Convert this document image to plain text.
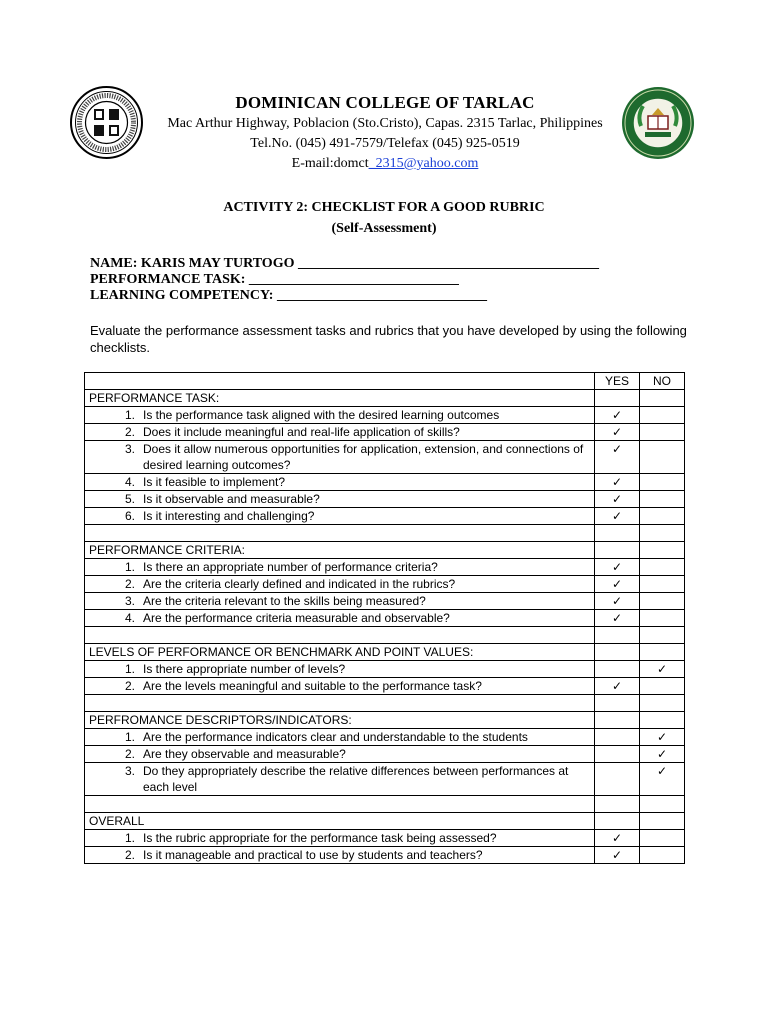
DOMINICAN COLLEGE OF TARLAC
Mac Arthur Highway, Poblacion (Sto.Cristo), Capas. 2315 Tarlac, Philippines
Tel.No. (045) 491-7579/Telefax (045) 925-0519
E-mail:domct_2315@yahoo.com
ACTIVITY 2: CHECKLIST FOR A GOOD RUBRIC
(Self-Assessment)
NAME: KARIS MAY TURTOGO ___________________________________________
PERFORMANCE TASK: ______________________________
LEARNING COMPETENCY: ______________________________
Evaluate the performance assessment tasks and rubrics that you have developed by using the following checklists.
	YES	NO
PERFORMANCE TASK:		

1. Is the performance task aligned with the desired learning outcomes	✓	

2. Does it include meaningful and real-life application of skills?	✓	

3. Does it allow numerous opportunities for application, extension, and connections of desired learning outcomes?	✓	

4. Is it feasible to implement?	✓	

5. Is it observable and measurable?	✓	

6. Is it interesting and challenging?	✓	

PERFORMANCE CRITERIA:		

1. Is there an appropriate number of performance criteria?	✓	

2. Are the criteria clearly defined and indicated in the rubrics?	✓	

3. Are the criteria relevant to the skills being measured?	✓	

4. Are the performance criteria measurable and observable?	✓	

LEVELS OF PERFORMANCE OR BENCHMARK AND POINT VALUES:		

1. Is there appropriate number of levels?		✓

2. Are the levels meaningful and suitable to the performance task?	✓	

PERFROMANCE DESCRIPTORS/INDICATORS:		

1. Are the performance indicators clear and understandable to the students		✓

2. Are they observable and measurable?		✓

3. Do they appropriately describe the relative differences between performances at each level		✓

OVERALL		

1. Is the rubric appropriate for the performance task being assessed?	✓	

2. Is it manageable and practical to use by students and teachers?	✓	
